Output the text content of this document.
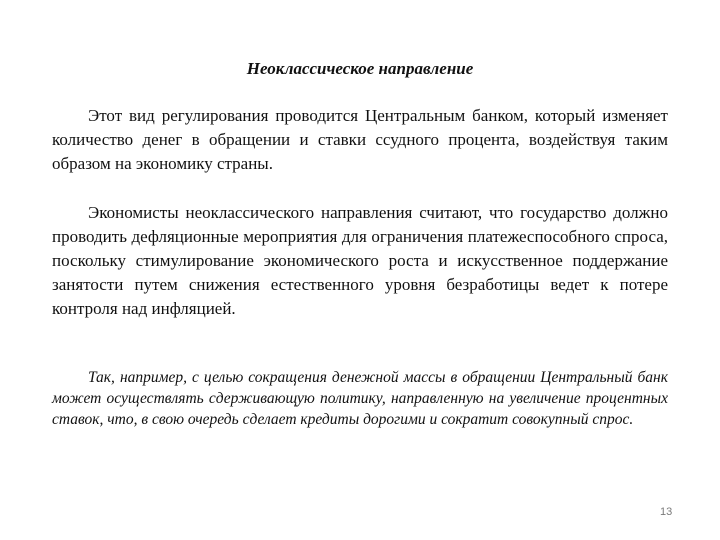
Неоклассическое направление

Этот вид регулирования проводится Центральным банком, который изменяет количество денег в обращении и ставки ссудного процента, воздействуя таким образом на экономику страны.

Экономисты неоклассического направления считают, что государство должно проводить дефляционные мероприятия для ограничения платежеспособного спроса, поскольку стимулирование экономического роста и искусственное поддержание занятости путем снижения естественного уровня безработицы ведет к потере контроля над инфляцией.

Так, например, с целью сокращения денежной массы в обращении Центральный банк может осуществлять сдерживающую политику, направленную на увеличение процентных ставок, что, в свою очередь сделает кредиты дорогими и сократит совокупный спрос.

13
